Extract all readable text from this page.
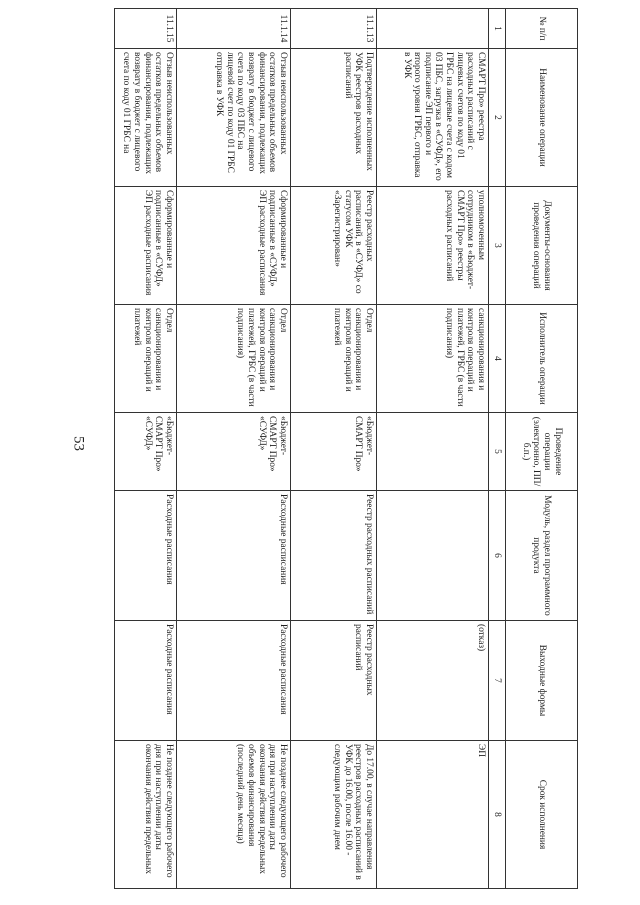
53
№ п/п	Наименование операции	Документы-основания проведения операций	Исполнитель операции	Проведение операции (электронно, ПП/б.п.)	Модуль, раздел программного продукта	Выходные формы	Срок исполнения
1	2	3	4	5	6	7	8
	СМАРТ Про» реестра расходных расписаний с лицевых счетов по коду 01 ГРБС на лицевые счета с кодом 03 ПБС, загрузка в «СУФД», его подписание ЭП первого и второго уровня ГРБС, отправка в УФК	уполномоченным сотрудником в «Бюджет-СМАРТ Про» реестры расходных расписаний	санкционирования и контроля операций и платежей, ГРБС (в части подписания)			(отказ)	ЭП
11.1.13	Подтверждение исполненных УФК реестров расходных расписаний	Реестр расходных расписаний, в «СУФД» со статусом УФК «Зарегистрирован»	Отдел санкционирования и контроля операций и платежей	«Бюджет-СМАРТ Про»	Реестр расходных расписаний	Реестр расходных расписаний	До 17.00, в случае направления реестров расходных расписаний в УФК до 16.00, после 16.00 - следующим рабочим днем
11.1.14	Отзыв неиспользованных остатков предельных объемов финансирования, подлежащих возврату в бюджет с лицевого счета по коду 03 ПБС на лицевой счет по коду 01 ГРБС отправка в УФК	Сформированные и подписанные в «СУФД» ЭП расходные расписания	Отдел санкционирования и контроля операций и платежей, ГРБС (в части подписания)	«Бюджет-СМАРТ Про» «СУФД»	Расходные расписания	Расходные расписания	Не позднее следующего рабочего дня при наступлении даты окончания действия предельных объемов финансирования (последний день месяца)
11.1.15	Отзыв неиспользованных остатков предельных объемов финансирования, подлежащих возврату в бюджет с лицевого счета по коду 01 ГРБС на	Сформированные и подписанные в «СУФД» ЭП расходные расписания	Отдел санкционирования и контроля операций и платежей	«Бюджет-СМАРТ Про» «СУФД»	Расходные расписания	Расходные расписания	Не позднее следующего рабочего дня при наступлении даты окончания действия предельных
